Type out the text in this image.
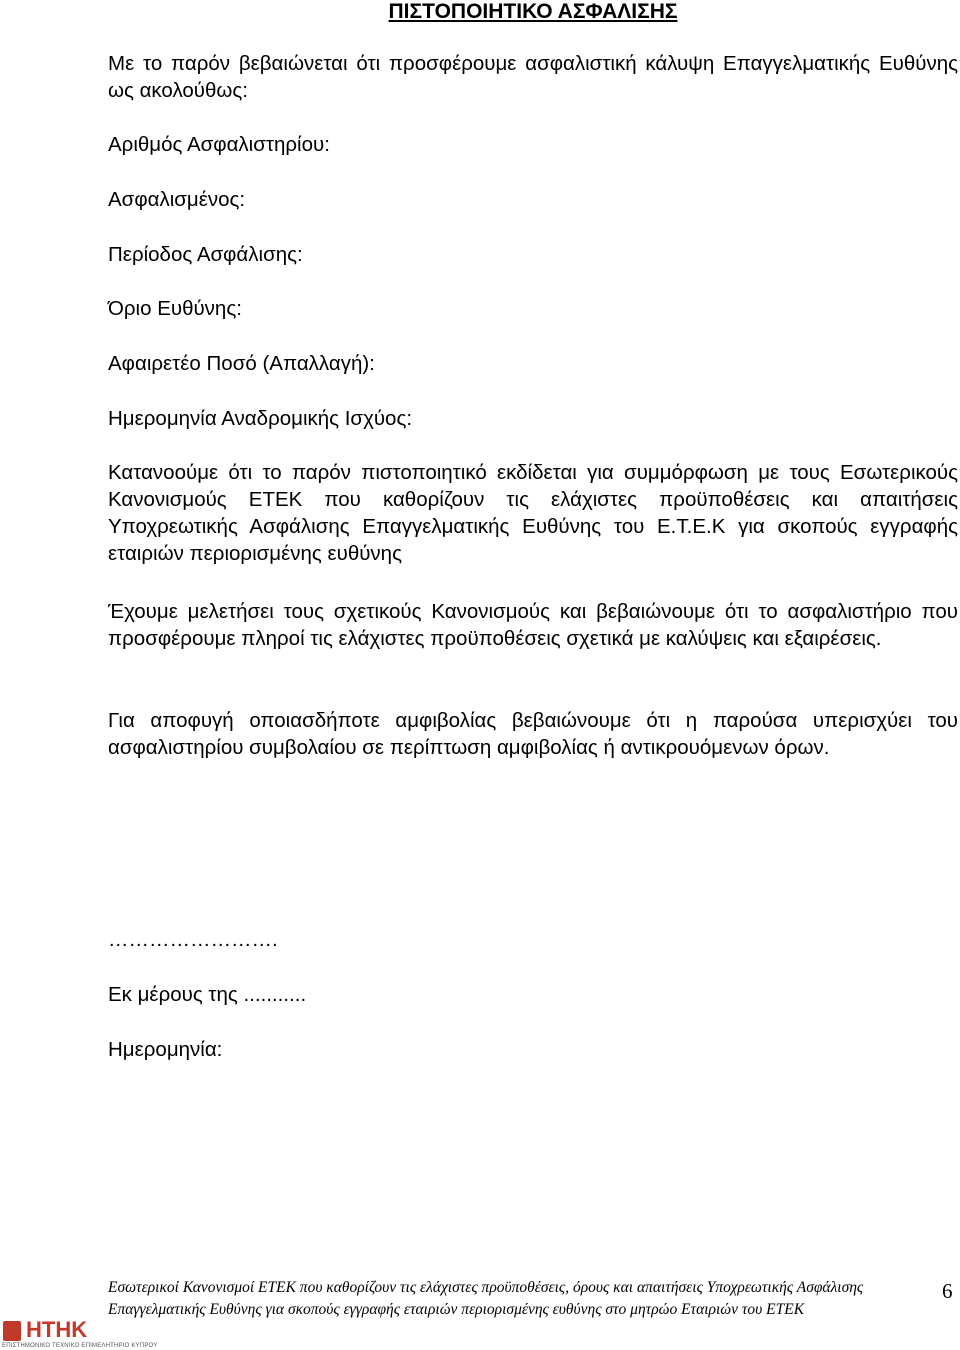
ΠΙΣΤΟΠΟΙΗΤΙΚΟ ΑΣΦΑΛΙΣΗΣ
Με το παρόν βεβαιώνεται ότι προσφέρουμε ασφαλιστική κάλυψη Επαγγελματικής Ευθύνης ως ακολούθως:
Αριθμός Ασφαλιστηρίου:
Ασφαλισμένος:
Περίοδος Ασφάλισης:
Όριο Ευθύνης:
Αφαιρετέο Ποσό (Απαλλαγή):
Ημερομηνία Αναδρομικής Ισχύος:
Κατανοούμε ότι το παρόν πιστοποιητικό εκδίδεται για συμμόρφωση με τους Εσωτερικούς Κανονισμούς ΕΤΕΚ που καθορίζουν τις ελάχιστες προϋποθέσεις και απαιτήσεις Υποχρεωτικής Ασφάλισης Επαγγελματικής Ευθύνης του Ε.Τ.Ε.Κ για σκοπούς εγγραφής εταιριών περιορισμένης ευθύνης
Έχουμε μελετήσει τους σχετικούς Κανονισμούς και βεβαιώνουμε ότι το ασφαλιστήριο που προσφέρουμε πληροί τις ελάχιστες προϋποθέσεις σχετικά με καλύψεις και εξαιρέσεις.
Για αποφυγή οποιασδήποτε αμφιβολίας βεβαιώνουμε ότι η παρούσα υπερισχύει του ασφαλιστηρίου συμβολαίου σε περίπτωση αμφιβολίας ή αντικρουόμενων όρων.
…………………….
Εκ μέρους της ...........
Ημερομηνία:
Εσωτερικοί Κανονισμοί ΕΤΕΚ που καθορίζουν τις ελάχιστες προϋποθέσεις, όρους και απαιτήσεις Υποχρεωτικής Ασφάλισης
Επαγγελματικής Ευθύνης για σκοπούς εγγραφής εταιριών περιορισμένης ευθύνης στο μητρώο Εταιριών του ΕΤΕΚ
6
ΗΤΗΚ
ΕΠΙΣΤΗΜΟΝΙΚΟ ΤΕΧΝΙΚΟ ΕΠΙΜΕΛΗΤΗΡΙΟ ΚΥΠΡΟΥ
